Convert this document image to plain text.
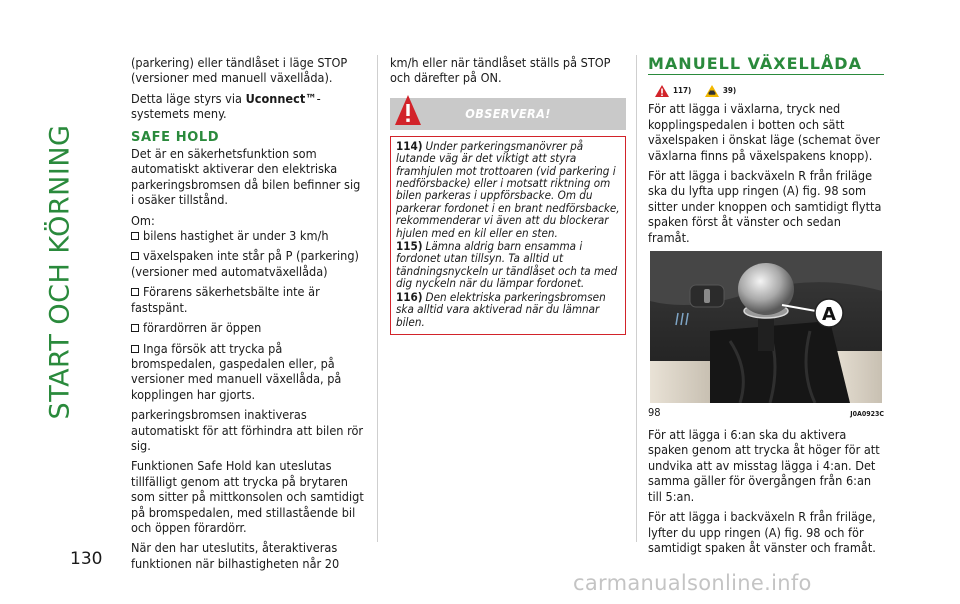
START OCH KÖRNING
130

(parkering) eller tändlåset i läge STOP (versioner med manuell växellåda).

Detta läge styrs via Uconnect™-systemets meny.

SAFE HOLD

Det är en säkerhetsfunktion som automatiskt aktiverar den elektriska parkeringsbromsen då bilen befinner sig i osäker tillstånd.

Om:

bilens hastighet är under 3 km/h

växelspaken inte står på P (parkering) (versioner med automatväxellåda)

Förarens säkerhetsbälte inte är fastspänt.

förardörren är öppen

Inga försök att trycka på bromspedalen, gaspedalen eller, på versioner med manuell växellåda, på kopplingen har gjorts.

parkeringsbromsen inaktiveras automatiskt för att förhindra att bilen rör sig.

Funktionen Safe Hold kan uteslutas tillfälligt genom att trycka på brytaren som sitter på mittkonsolen och samtidigt på bromspedalen, med stillastående bil och öppen förardörr.

När den har uteslutits, återaktiveras funktionen när bilhastigheten når 20

km/h eller när tändlåset ställs på STOP och därefter på ON.

OBSERVERA!

114) Under parkeringsmanövrer på lutande väg är det viktigt att styra framhjulen mot trottoaren (vid parkering i nedförsbacke) eller i motsatt riktning om bilen parkeras i uppförsbacke. Om du parkerar fordonet i en brant nedförsbacke, rekommenderar vi även att du blockerar hjulen med en kil eller en sten.

115) Lämna aldrig barn ensamma i fordonet utan tillsyn. Ta alltid ut tändningsnyckeln ur tändlåset och ta med dig nyckeln när du lämpar fordonet.

116) Den elektriska parkeringsbromsen ska alltid vara aktiverad när du lämnar bilen.

MANUELL VÄXELLÅDA
117)
	39)

För att lägga i växlarna, tryck ned kopplingspedalen i botten och sätt växelspaken i önskat läge (schemat över växlarna finns på växelspakens knopp).

För att lägga i backväxeln R från friläge ska du lyfta upp ringen (A) fig. 98 som sitter under knoppen och samtidigt flytta spaken först åt vänster och sedan framåt.

A
98	J0A0923C

För att lägga i 6:an ska du aktivera spaken genom att trycka åt höger för att undvika att av misstag lägga i 4:an. Det samma gäller för övergången från 6:an till 5:an.

För att lägga i backväxeln R från friläge, lyfter du upp ringen (A) fig. 98 och för samtidigt spaken åt vänster och framåt.

carmanualsonline.info
